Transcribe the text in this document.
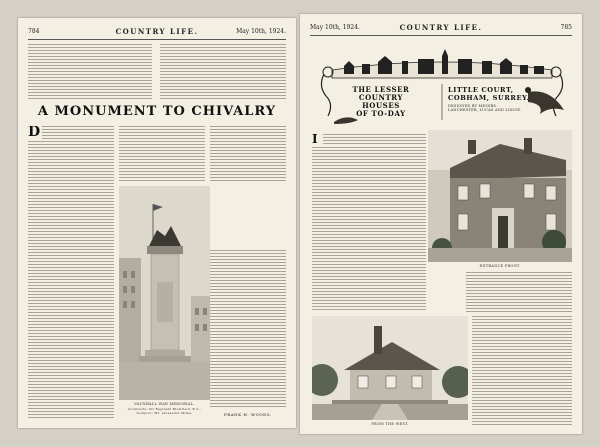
784	COUNTRY LIFE.	May 10th, 1924.
A MONUMENT TO CHIVALRY
D
VAUXHALL WAR MEMORIAL.
Architects: Sir Reginald Blomfield, R.A., Sculptor: Mr. Alexander Milne.	FRANK H. WOODS.
May 10th, 1924.	COUNTRY LIFE.	785
THE LESSER
COUNTRY HOUSES
OF TO-DAY
LITTLE COURT,
COBHAM, SURREY.
DESIGNED BY MESSRS.
LANCHESTER, LUCAS AND LODGE.
I
ENTRANCE FRONT.
FROM THE WEST.
